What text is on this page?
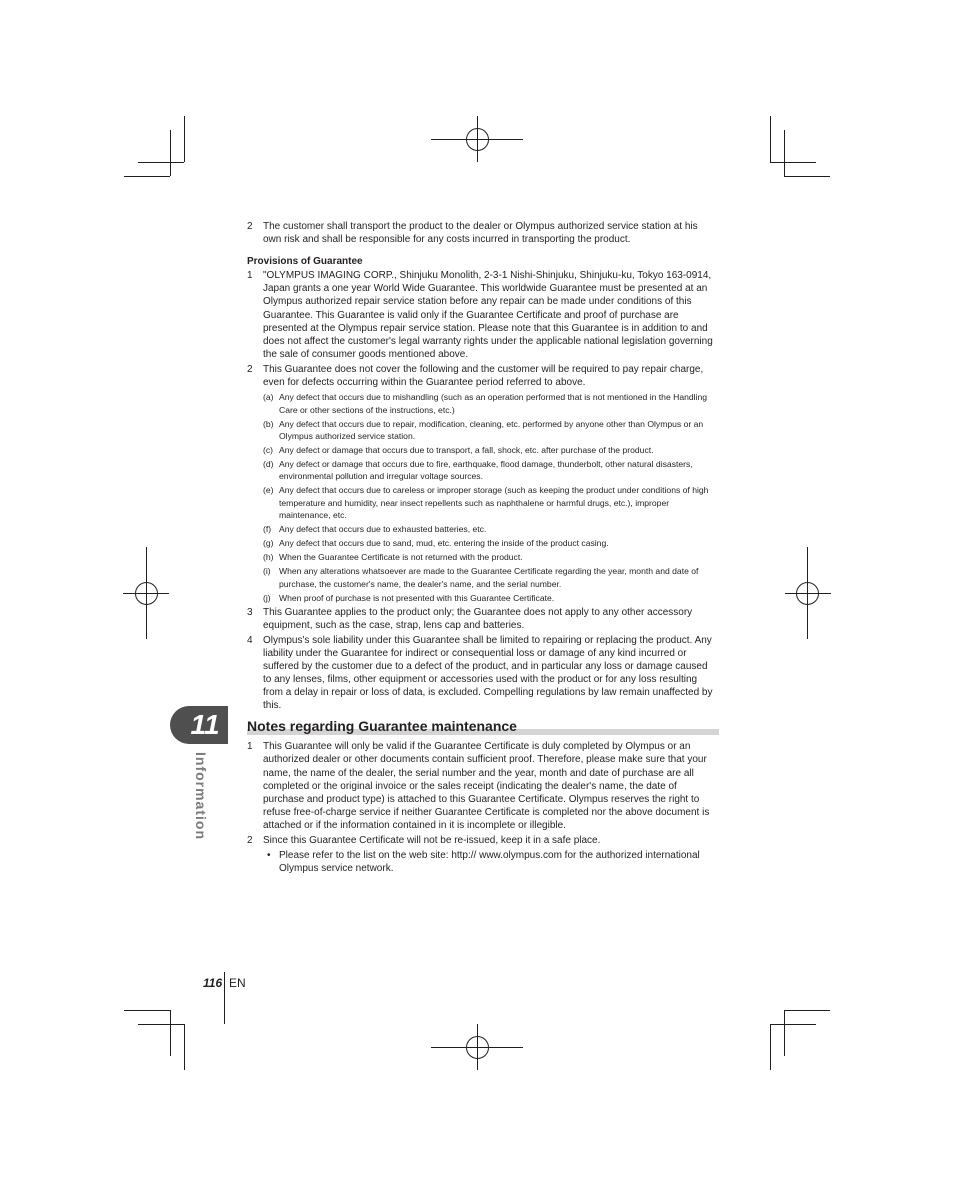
11
Information
2 The customer shall transport the product to the dealer or Olympus authorized service station at his own risk and shall be responsible for any costs incurred in transporting the product.
Provisions of Guarantee
1 "OLYMPUS IMAGING CORP., Shinjuku Monolith, 2-3-1 Nishi-Shinjuku, Shinjuku-ku, Tokyo 163-0914, Japan grants a one year World Wide Guarantee. This worldwide Guarantee must be presented at an Olympus authorized repair service station before any repair can be made under conditions of this Guarantee. This Guarantee is valid only if the Guarantee Certificate and proof of purchase are presented at the Olympus repair service station. Please note that this Guarantee is in addition to and does not affect the customer's legal warranty rights under the applicable national legislation governing the sale of consumer goods mentioned above.
2 This Guarantee does not cover the following and the customer will be required to pay repair charge, even for defects occurring within the Guarantee period referred to above.
(a) Any defect that occurs due to mishandling (such as an operation performed that is not mentioned in the Handling Care or other sections of the instructions, etc.)
(b) Any defect that occurs due to repair, modification, cleaning, etc. performed by anyone other than Olympus or an Olympus authorized service station.
(c) Any defect or damage that occurs due to transport, a fall, shock, etc. after purchase of the product.
(d) Any defect or damage that occurs due to fire, earthquake, flood damage, thunderbolt, other natural disasters, environmental pollution and irregular voltage sources.
(e) Any defect that occurs due to careless or improper storage (such as keeping the product under conditions of high temperature and humidity, near insect repellents such as naphthalene or harmful drugs, etc.), improper maintenance, etc.
(f) Any defect that occurs due to exhausted batteries, etc.
(g) Any defect that occurs due to sand, mud, etc. entering the inside of the product casing.
(h) When the Guarantee Certificate is not returned with the product.
(i) When any alterations whatsoever are made to the Guarantee Certificate regarding the year, month and date of purchase, the customer's name, the dealer's name, and the serial number.
(j) When proof of purchase is not presented with this Guarantee Certificate.
3 This Guarantee applies to the product only; the Guarantee does not apply to any other accessory equipment, such as the case, strap, lens cap and batteries.
4 Olympus's sole liability under this Guarantee shall be limited to repairing or replacing the product. Any liability under the Guarantee for indirect or consequential loss or damage of any kind incurred or suffered by the customer due to a defect of the product, and in particular any loss or damage caused to any lenses, films, other equipment or accessories used with the product or for any loss resulting from a delay in repair or loss of data, is excluded. Compelling regulations by law remain unaffected by this.
Notes regarding Guarantee maintenance
1 This Guarantee will only be valid if the Guarantee Certificate is duly completed by Olympus or an authorized dealer or other documents contain sufficient proof. Therefore, please make sure that your name, the name of the dealer, the serial number and the year, month and date of purchase are all completed or the original invoice or the sales receipt (indicating the dealer's name, the date of purchase and product type) is attached to this Guarantee Certificate. Olympus reserves the right to refuse free-of-charge service if neither Guarantee Certificate is completed nor the above document is attached or if the information contained in it is incomplete or illegible.
2 Since this Guarantee Certificate will not be re-issued, keep it in a safe place.
• Please refer to the list on the web site: http:// www.olympus.com for the authorized international Olympus service network.
116 EN
